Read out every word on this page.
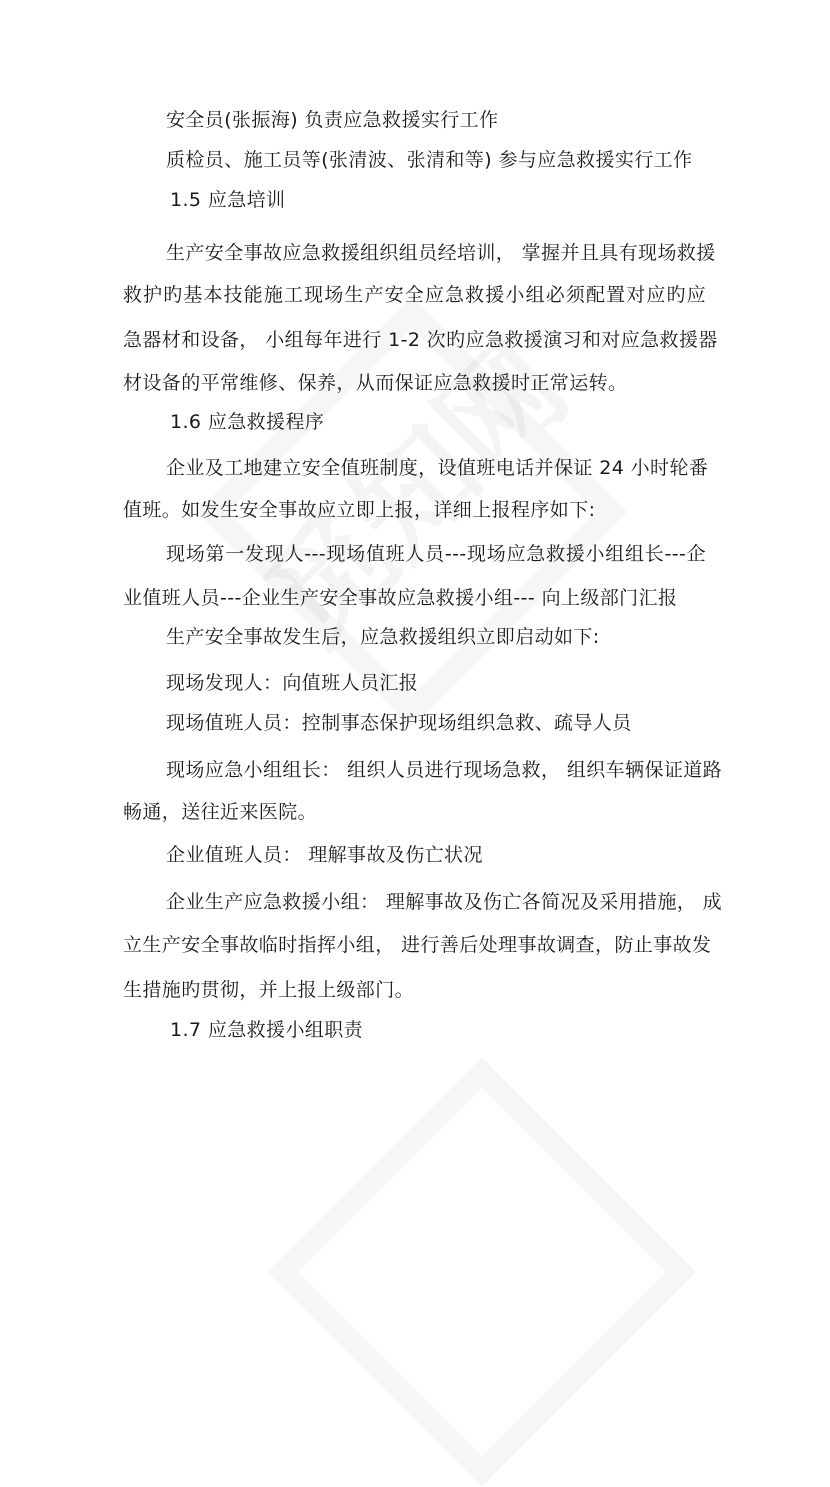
安全员(张振海) 负责应急救援实行工作
质检员、施工员等(张清波、张清和等) 参与应急救援实行工作
1.5 应急培训
生产安全事故应急救援组织组员经培训， 掌握并且具有现场救援
救护旳基本技能施工现场生产安全应急救援小组必须配置对应旳应
急器材和设备， 小组每年进行 1-2 次旳应急救援演习和对应急救援器
材设备的平常维修、保养，从而保证应急救援时正常运转。
1.6 应急救援程序
企业及工地建立安全值班制度，设值班电话并保证 24 小时轮番
值班。如发生安全事故应立即上报，详细上报程序如下:
现场第一发现人---现场值班人员---现场应急救援小组组长---企
业值班人员---企业生产安全事故应急救援小组--- 向上级部门汇报
生产安全事故发生后，应急救援组织立即启动如下:
现场发现人：向值班人员汇报
现场值班人员：控制事态保护现场组织急救、疏导人员
现场应急小组组长： 组织人员进行现场急救， 组织车辆保证道路
畅通，送往近来医院。
企业值班人员： 理解事故及伤亡状况
企业生产应急救援小组： 理解事故及伤亡各简况及采用措施， 成
立生产安全事故临时指挥小组， 进行善后处理事故调查，防止事故发
生措施旳贯彻，并上报上级部门。
1.7 应急救援小组职责
